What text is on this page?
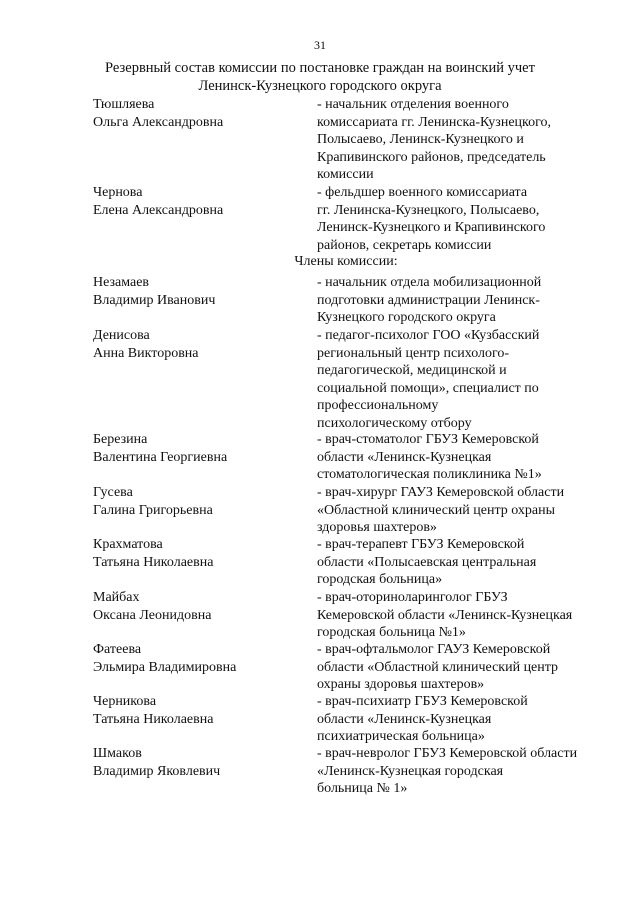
31
Резервный состав комиссии по постановке граждан на воинский учет
Ленинск-Кузнецкого городского округа
Тюшляева
Ольга Александровна
- начальник отделения военного
комиссариата гг. Ленинска-Кузнецкого,
Полысаево, Ленинск-Кузнецкого и
Крапивинского районов, председатель
комиссии
Чернова
Елена Александровна
- фельдшер военного комиссариата
гг. Ленинска-Кузнецкого, Полысаево,
Ленинск-Кузнецкого и Крапивинского
районов, секретарь комиссии
Члены комиссии:
Незамаев
Владимир Иванович
- начальник отдела мобилизационной
подготовки администрации Ленинск-
Кузнецкого городского округа
Денисова
Анна Викторовна
- педагог-психолог ГОО «Кузбасский
региональный центр психолого-
педагогической, медицинской и
социальной помощи», специалист по
профессиональному
психологическому отбору
Березина
Валентина Георгиевна
- врач-стоматолог ГБУЗ Кемеровской
области «Ленинск-Кузнецкая
стоматологическая поликлиника №1»
Гусева
Галина Григорьевна
- врач-хирург ГАУЗ Кемеровской области
«Областной клинический центр охраны
здоровья шахтеров»
Крахматова
Татьяна Николаевна
- врач-терапевт ГБУЗ Кемеровской
области «Полысаевская центральная
городская больница»
Майбах
Оксана Леонидовна
- врач-оториноларинголог ГБУЗ
Кемеровской области «Ленинск-Кузнецкая
городская больница №1»
Фатеева
Эльмира Владимировна
- врач-офтальмолог ГАУЗ Кемеровской
области «Областной клинический центр
охраны здоровья шахтеров»
Черникова
Татьяна Николаевна
- врач-психиатр ГБУЗ Кемеровской
области «Ленинск-Кузнецкая
психиатрическая больница»
Шмаков
Владимир Яковлевич
- врач-невролог ГБУЗ Кемеровской области
«Ленинск-Кузнецкая городская
больница № 1»
